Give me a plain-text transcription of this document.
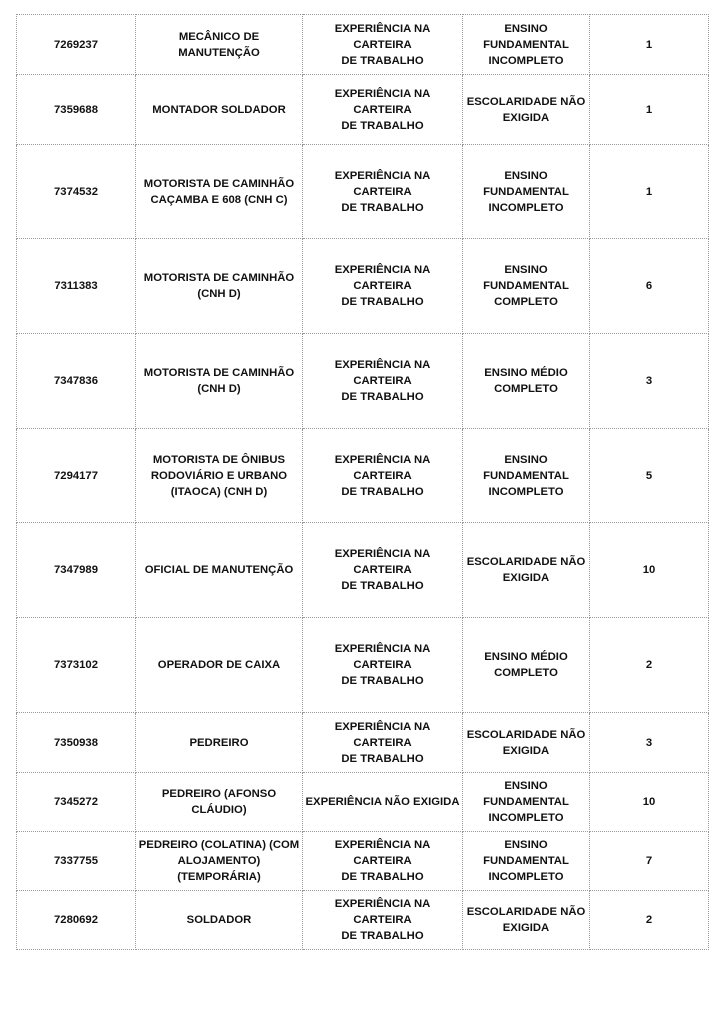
7269237	MECÂNICO DE MANUTENÇÃO	EXPERIÊNCIA NA CARTEIRA
DE TRABALHO	ENSINO
FUNDAMENTAL
INCOMPLETO	1
7359688	MONTADOR SOLDADOR	EXPERIÊNCIA NA CARTEIRA
DE TRABALHO	ESCOLARIDADE NÃO
EXIGIDA	1
7374532	MOTORISTA DE CAMINHÃO
CAÇAMBA E 608 (CNH C)	EXPERIÊNCIA NA CARTEIRA
DE TRABALHO	ENSINO
FUNDAMENTAL
INCOMPLETO	1
7311383	MOTORISTA DE CAMINHÃO
(CNH D)	EXPERIÊNCIA NA CARTEIRA
DE TRABALHO	ENSINO
FUNDAMENTAL
COMPLETO	6
7347836	MOTORISTA DE CAMINHÃO
(CNH D)	EXPERIÊNCIA NA CARTEIRA
DE TRABALHO	ENSINO MÉDIO
COMPLETO	3
7294177	MOTORISTA DE ÔNIBUS
RODOVIÁRIO E URBANO
(ITAOCA) (CNH D)	EXPERIÊNCIA NA CARTEIRA
DE TRABALHO	ENSINO
FUNDAMENTAL
INCOMPLETO	5
7347989	OFICIAL DE MANUTENÇÃO	EXPERIÊNCIA NA CARTEIRA
DE TRABALHO	ESCOLARIDADE NÃO
EXIGIDA	10
7373102	OPERADOR DE CAIXA	EXPERIÊNCIA NA CARTEIRA
DE TRABALHO	ENSINO MÉDIO
COMPLETO	2
7350938	PEDREIRO	EXPERIÊNCIA NA CARTEIRA
DE TRABALHO	ESCOLARIDADE NÃO
EXIGIDA	3
7345272	PEDREIRO (AFONSO CLÁUDIO)	EXPERIÊNCIA NÃO EXIGIDA	ENSINO
FUNDAMENTAL
INCOMPLETO	10
7337755	PEDREIRO (COLATINA) (COM
ALOJAMENTO)
(TEMPORÁRIA)	EXPERIÊNCIA NA CARTEIRA
DE TRABALHO	ENSINO
FUNDAMENTAL
INCOMPLETO	7
7280692	SOLDADOR	EXPERIÊNCIA NA CARTEIRA
DE TRABALHO	ESCOLARIDADE NÃO
EXIGIDA	2
